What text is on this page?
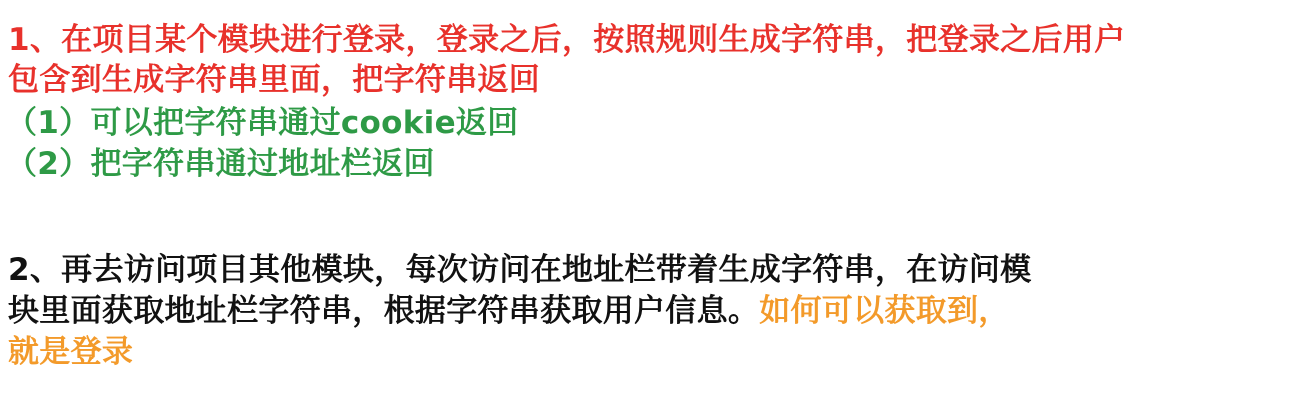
1、在项目某个模块进行登录，登录之后，按照规则生成字符串，把登录之后用户
包含到生成字符串里面，把字符串返回
（1）可以把字符串通过cookie返回
（2）把字符串通过地址栏返回
2、再去访问项目其他模块，每次访问在地址栏带着生成字符串，在访问模
块里面获取地址栏字符串，根据字符串获取用户信息。如何可以获取到，
就是登录
